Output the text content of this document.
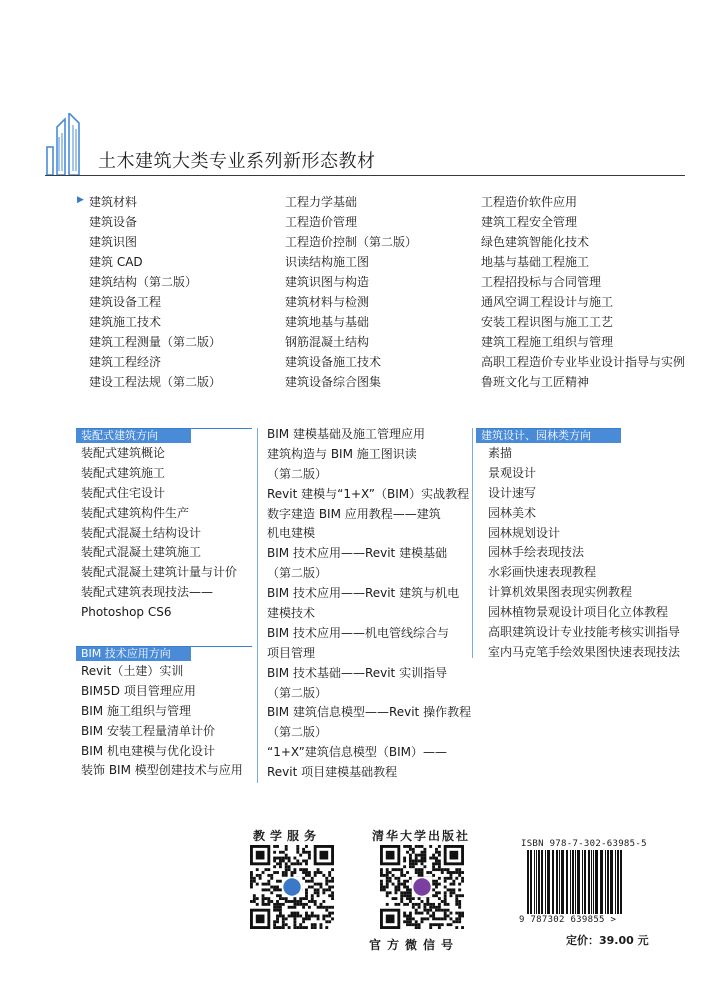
土木建筑大类专业系列新形态教材
▶ 建筑材料
建筑设备
建筑识图
建筑 CAD
建筑结构（第二版）
建筑设备工程
建筑施工技术
建筑工程测量（第二版）
建筑工程经济
建设工程法规（第二版）
工程力学基础
工程造价管理
工程造价控制（第二版）
识读结构施工图
建筑识图与构造
建筑材料与检测
建筑地基与基础
钢筋混凝土结构
建筑设备施工技术
建筑设备综合图集
工程造价软件应用
建筑工程安全管理
绿色建筑智能化技术
地基与基础工程施工
工程招投标与合同管理
通风空调工程设计与施工
安装工程识图与施工工艺
建筑工程施工组织与管理
高职工程造价专业毕业设计指导与实例
鲁班文化与工匠精神
装配式建筑方向
装配式建筑概论
装配式建筑施工
装配式住宅设计
装配式建筑构件生产
装配式混凝土结构设计
装配式混凝土建筑施工
装配式混凝土建筑计量与计价
装配式建筑表现技法——
Photoshop CS6
BIM 技术应用方向
Revit（土建）实训
BIM5D 项目管理应用
BIM 施工组织与管理
BIM 安装工程量清单计价
BIM 机电建模与优化设计
装饰 BIM 模型创建技术与应用
BIM 建模基础及施工管理应用
建筑构造与 BIM 施工图识读
（第二版）
Revit 建模与“1+X”（BIM）实战教程
数字建造 BIM 应用教程——建筑
机电建模
BIM 技术应用——Revit 建模基础
（第二版）
BIM 技术应用——Revit 建筑与机电
建模技术
BIM 技术应用——机电管线综合与
项目管理
BIM 技术基础——Revit 实训指导
（第二版）
BIM 建筑信息模型——Revit 操作教程
（第二版）
“1+X”建筑信息模型（BIM）——
Revit 项目建模基础教程
建筑设计、园林类方向
素描
景观设计
设计速写
园林美术
园林规划设计
园林手绘表现技法
水彩画快速表现教程
计算机效果图表现实例教程
园林植物景观设计项目化立体教程
高职建筑设计专业技能考核实训指导
室内马克笔手绘效果图快速表现技法
教学服务	清华大学出版社
官方微信号
ISBN 978-7-302-63985-5
9 787302 639855 >
定价：39.00 元
